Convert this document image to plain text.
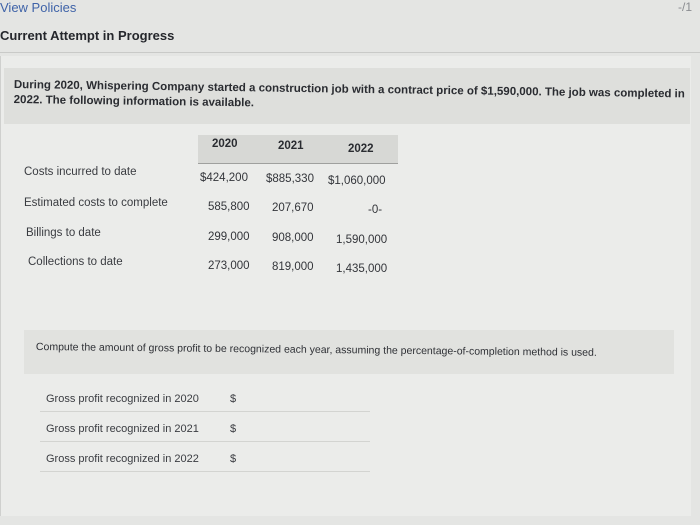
View Policies	-/1
Current Attempt in Progress
During 2020, Whispering Company started a construction job with a contract price of $1,590,000. The job was completed in 2022. The following information is available.
2020	2021	2022
Costs incurred to date	$424,200 $885,330 $1,060,000
Estimated costs to complete	585,800 207,670	-0-
Billings to date	299,000 908,000 1,590,000
Collections to date	273,000 819,000 1,435,000
Compute the amount of gross profit to be recognized each year, assuming the percentage-of-completion method is used.
Gross profit recognized in 2020	$
Gross profit recognized in 2021	$
Gross profit recognized in 2022	$
